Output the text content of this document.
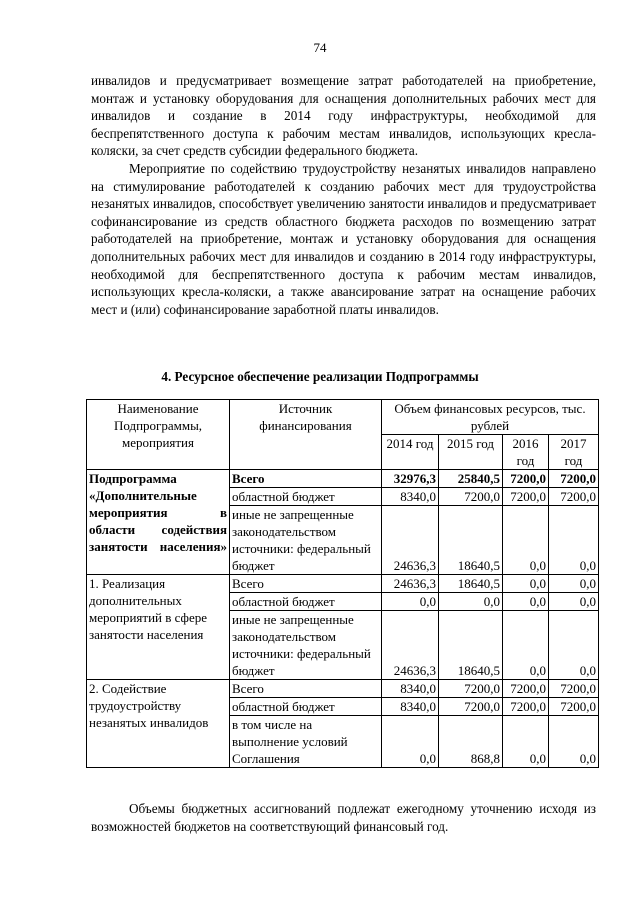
74

инвалидов и предусматривает возмещение затрат работодателей на приобретение, монтаж и установку оборудования для оснащения дополнительных рабочих мест для инвалидов и создание в 2014 году инфраструктуры, необходимой для беспрепятственного доступа к рабочим местам инвалидов, использующих кресла-коляски, за счет средств субсидии федерального бюджета.

Мероприятие по содействию трудоустройству незанятых инвалидов направлено на стимулирование работодателей к созданию рабочих мест для трудоустройства незанятых инвалидов, способствует увеличению занятости инвалидов и предусматривает софинансирование из средств областного бюджета расходов по возмещению затрат работодателей на приобретение, монтаж и установку оборудования для оснащения дополнительных рабочих мест для инвалидов и созданию в 2014 году инфраструктуры, необходимой для беспрепятственного доступа к рабочим местам инвалидов, использующих кресла-коляски, а также авансирование затрат на оснащение рабочих мест и (или) софинансирование заработной платы инвалидов.

4. Ресурсное обеспечение реализации Подпрограммы
Наименование Подпрограммы, мероприятия	Источник финансирования	Объем финансовых ресурсов, тыс. рублей			
		2014 год	2015 год	2016 год	2017 год
Подпрограмма «Дополнительные мероприятия в области содействия занятости населения»	Всего	32976,3	25840,5	7200,0	7200,0
	областной бюджет	8340,0	7200,0	7200,0	7200,0
	иные не запрещенные законодательством источники: федеральный бюджет	24636,3	18640,5	0,0	0,0
1. Реализация дополнительных мероприятий в сфере занятости населения	Всего	24636,3	18640,5	0,0	0,0
	областной бюджет	0,0	0,0	0,0	0,0
	иные не запрещенные законодательством источники: федеральный бюджет	24636,3	18640,5	0,0	0,0
2. Содействие трудоустройству незанятых инвалидов	Всего	8340,0	7200,0	7200,0	7200,0
	областной бюджет	8340,0	7200,0	7200,0	7200,0
	в том числе на выполнение условий Соглашения	0,0	868,8	0,0	0,0

Объемы бюджетных ассигнований подлежат ежегодному уточнению исходя из возможностей бюджетов на соответствующий финансовый год.
